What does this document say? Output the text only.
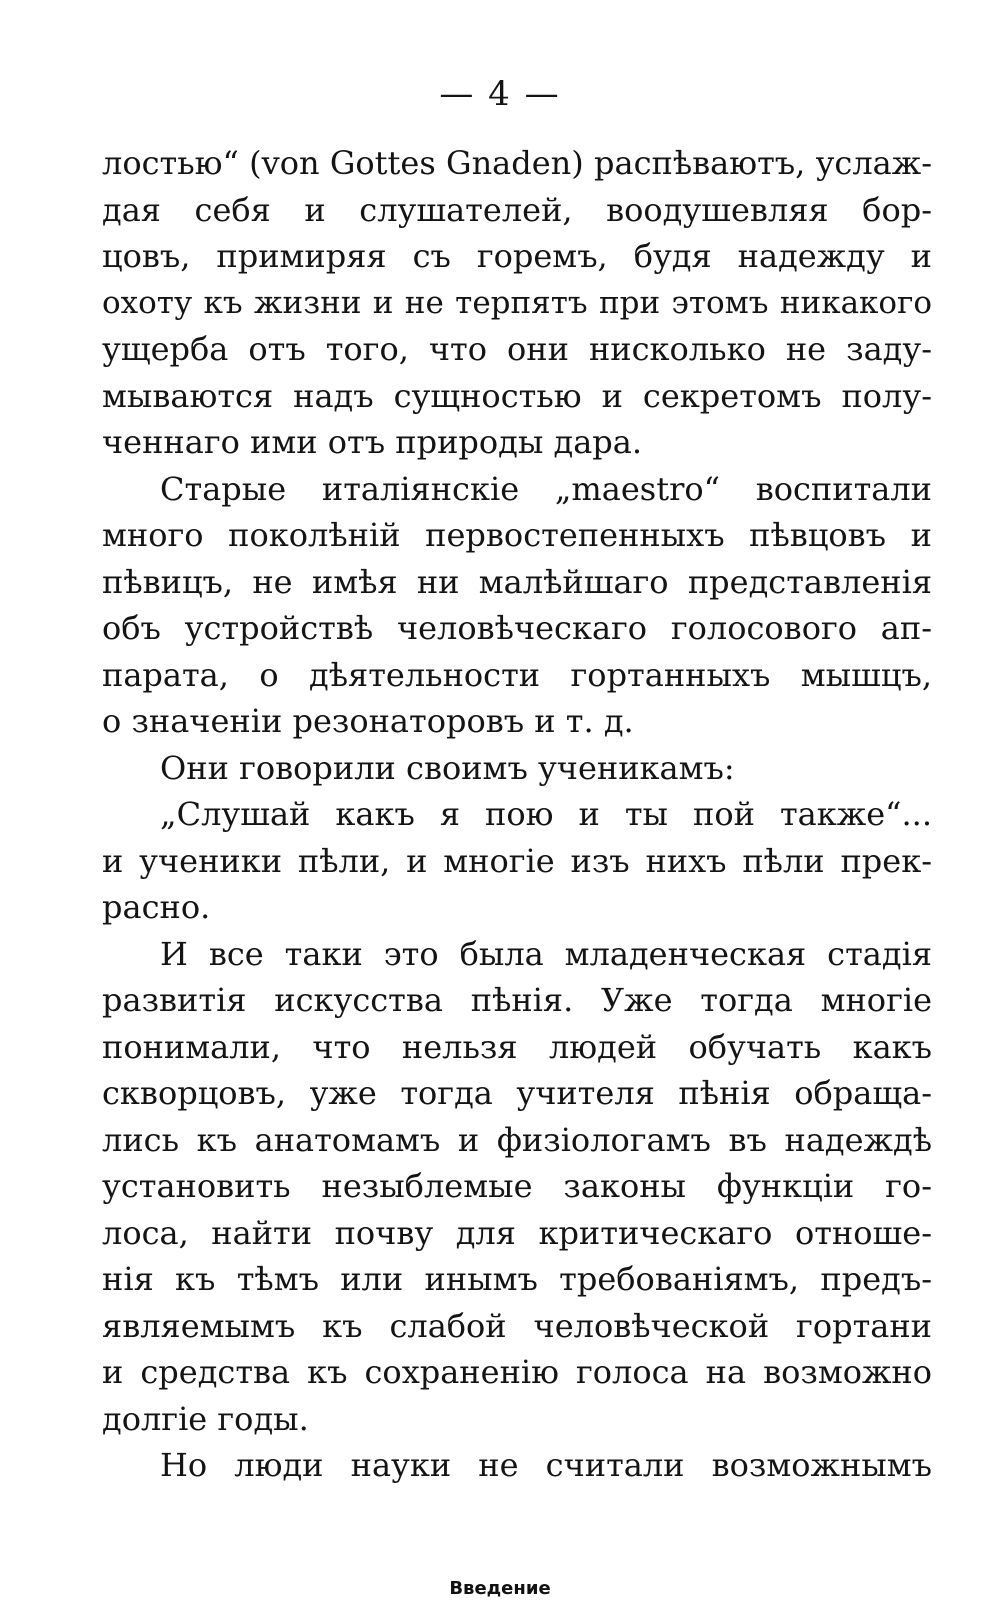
— 4 —
лостью“ (von Gottes Gnaden) распѣваютъ, услаж-
дая себя и слушателей, воодушевляя бор-
цовъ, примиряя съ горемъ, будя надежду и
охоту къ жизни и не терпятъ при этомъ никакого
ущерба отъ того, что они нисколько не заду-
мываются надъ сущностью и секретомъ полу-
ченнаго ими отъ природы дара.
Старые италіянскіе „maestro“ воспитали
много поколѣній первостепенныхъ пѣвцовъ и
пѣвицъ, не имѣя ни малѣйшаго представленія
объ устройствѣ человѣческаго голосового ап-
парата, о дѣятельности гортанныхъ мышцъ,
о значеніи резонаторовъ и т. д.
Они говорили своимъ ученикамъ:
„Слушай какъ я пою и ты пой также“...
и ученики пѣли, и многіе изъ нихъ пѣли прек-
расно.
И все таки это была младенческая стадія
развитія искусства пѣнія. Уже тогда многіе
понимали, что нельзя людей обучать какъ
скворцовъ, уже тогда учителя пѣнія обраща-
лись къ анатомамъ и физіологамъ въ надеждѣ
установить незыблемые законы функціи го-
лоса, найти почву для критическаго отноше-
нія къ тѣмъ или инымъ требованіямъ, предъ-
являемымъ къ слабой человѣческой гортани
и средства къ сохраненію голоса на возможно
долгіе годы.
Но люди науки не считали возможнымъ
Введение
